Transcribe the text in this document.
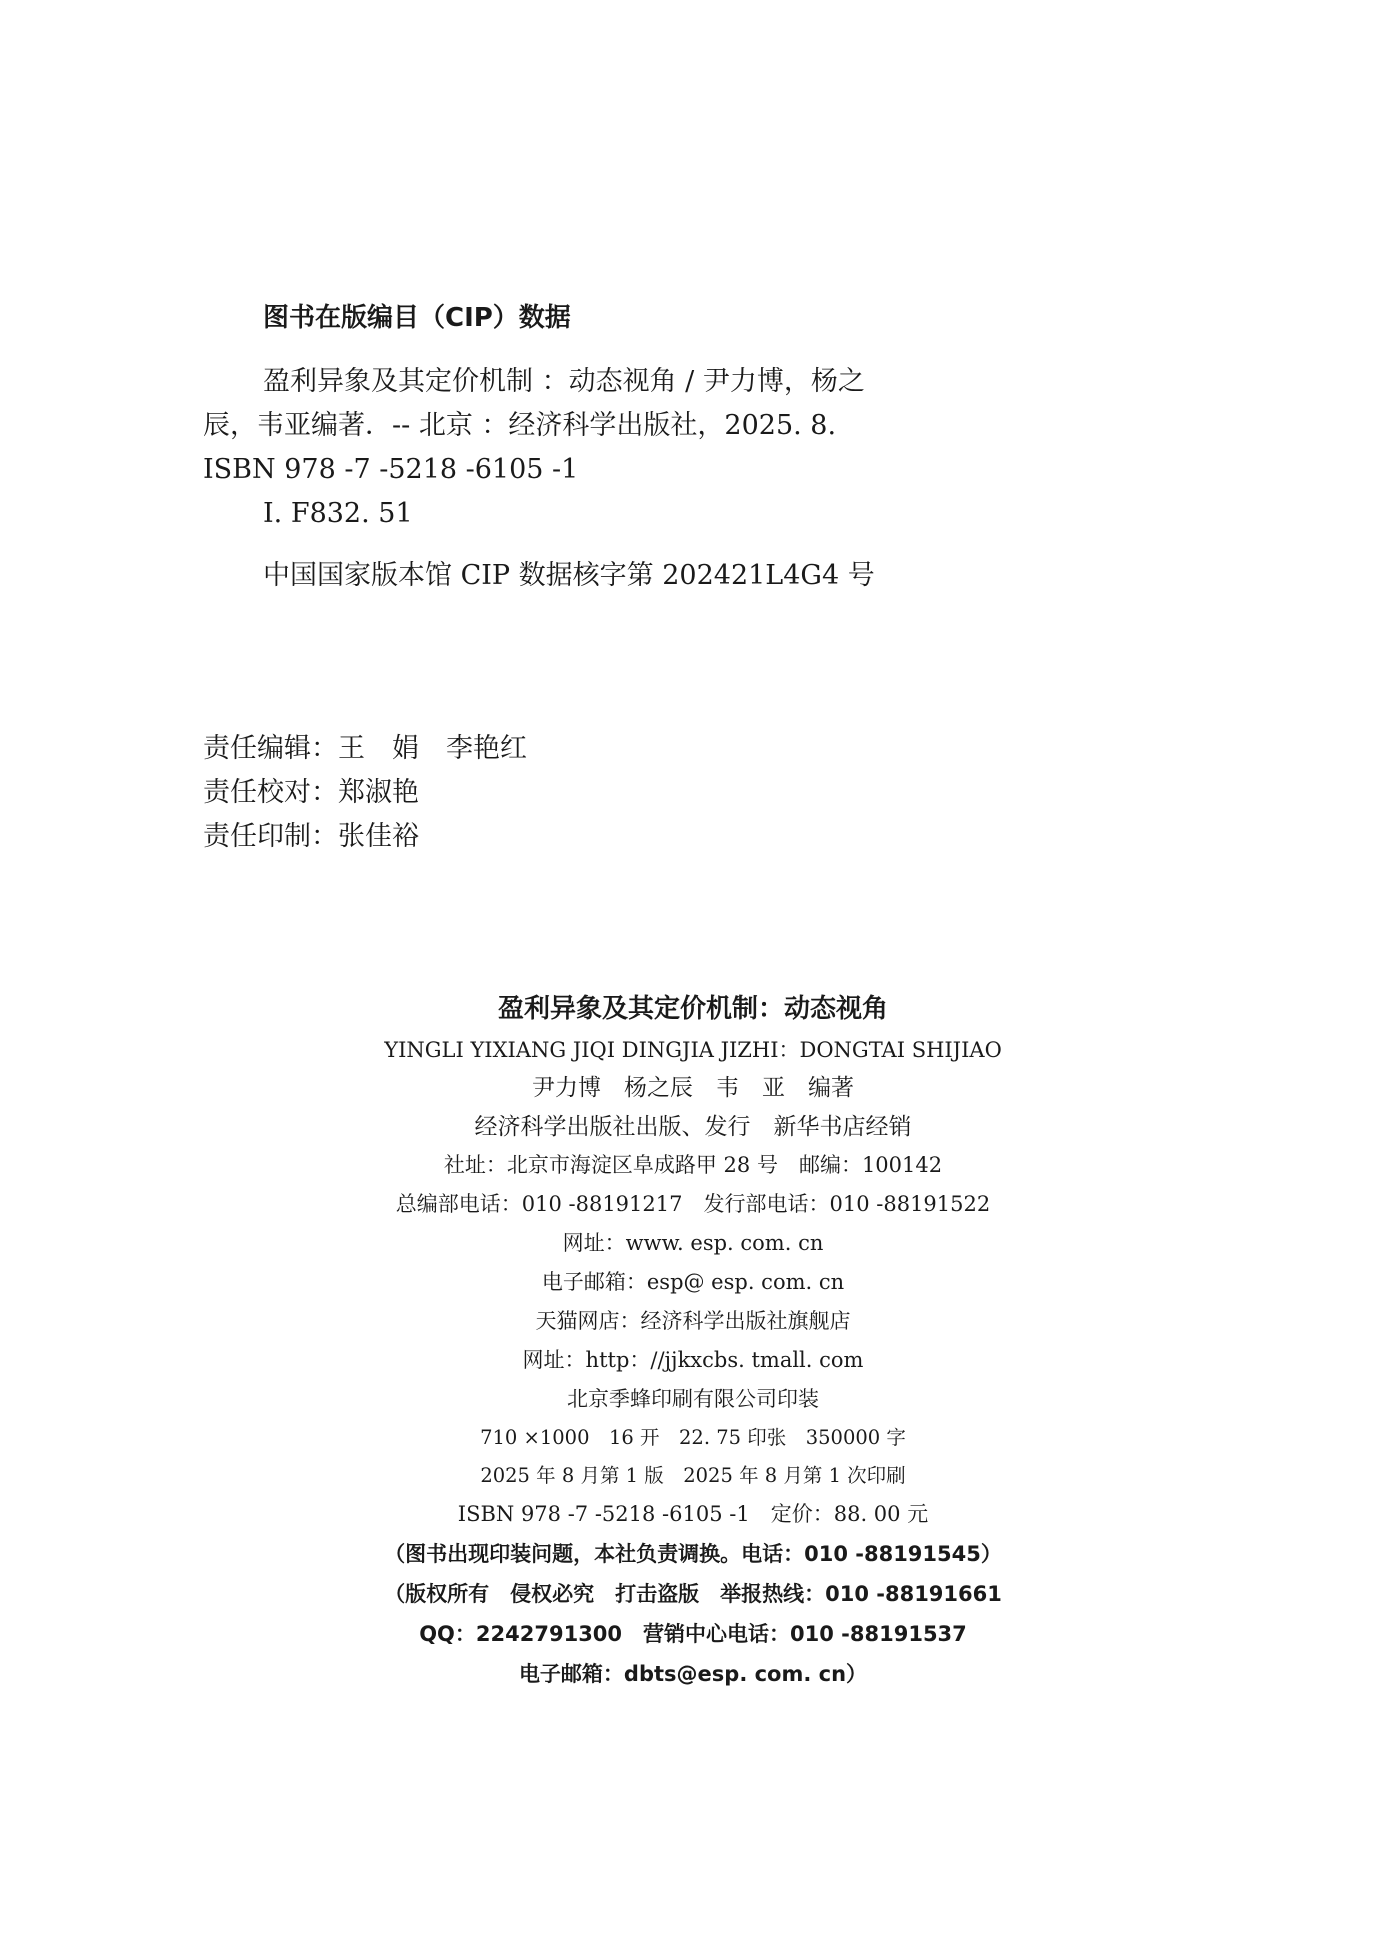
图书在版编目（CIP）数据
盈利异象及其定价机制 ：动态视角 / 尹力博，杨之
辰，韦亚编著．-- 北京 ：经济科学出版社，2025. 8.
ISBN 978 -7 -5218 -6105 -1
Ⅰ. F832. 51
中国国家版本馆 CIP 数据核字第 202421L4G4 号
责任编辑：王　娟　李艳红
责任校对：郑淑艳
责任印制：张佳裕
盈利异象及其定价机制：动态视角
YINGLI YIXIANG JIQI DINGJIA JIZHI：DONGTAI SHIJIAO
尹力博　杨之辰　韦　亚　编著
经济科学出版社出版、发行　新华书店经销
社址：北京市海淀区阜成路甲 28 号　邮编：100142
总编部电话：010 -88191217　发行部电话：010 -88191522
网址：www. esp. com. cn
电子邮箱：esp@ esp. com. cn
天猫网店：经济科学出版社旗舰店
网址：http：//jjkxcbs. tmall. com
北京季蜂印刷有限公司印装
710 ×1000　16 开　22. 75 印张　350000 字
2025 年 8 月第 1 版　2025 年 8 月第 1 次印刷
ISBN 978 -7 -5218 -6105 -1　定价：88. 00 元
（图书出现印装问题，本社负责调换。电话：010 -88191545）
（版权所有　侵权必究　打击盗版　举报热线：010 -88191661
QQ：2242791300　营销中心电话：010 -88191537
电子邮箱：dbts@esp. com. cn）
